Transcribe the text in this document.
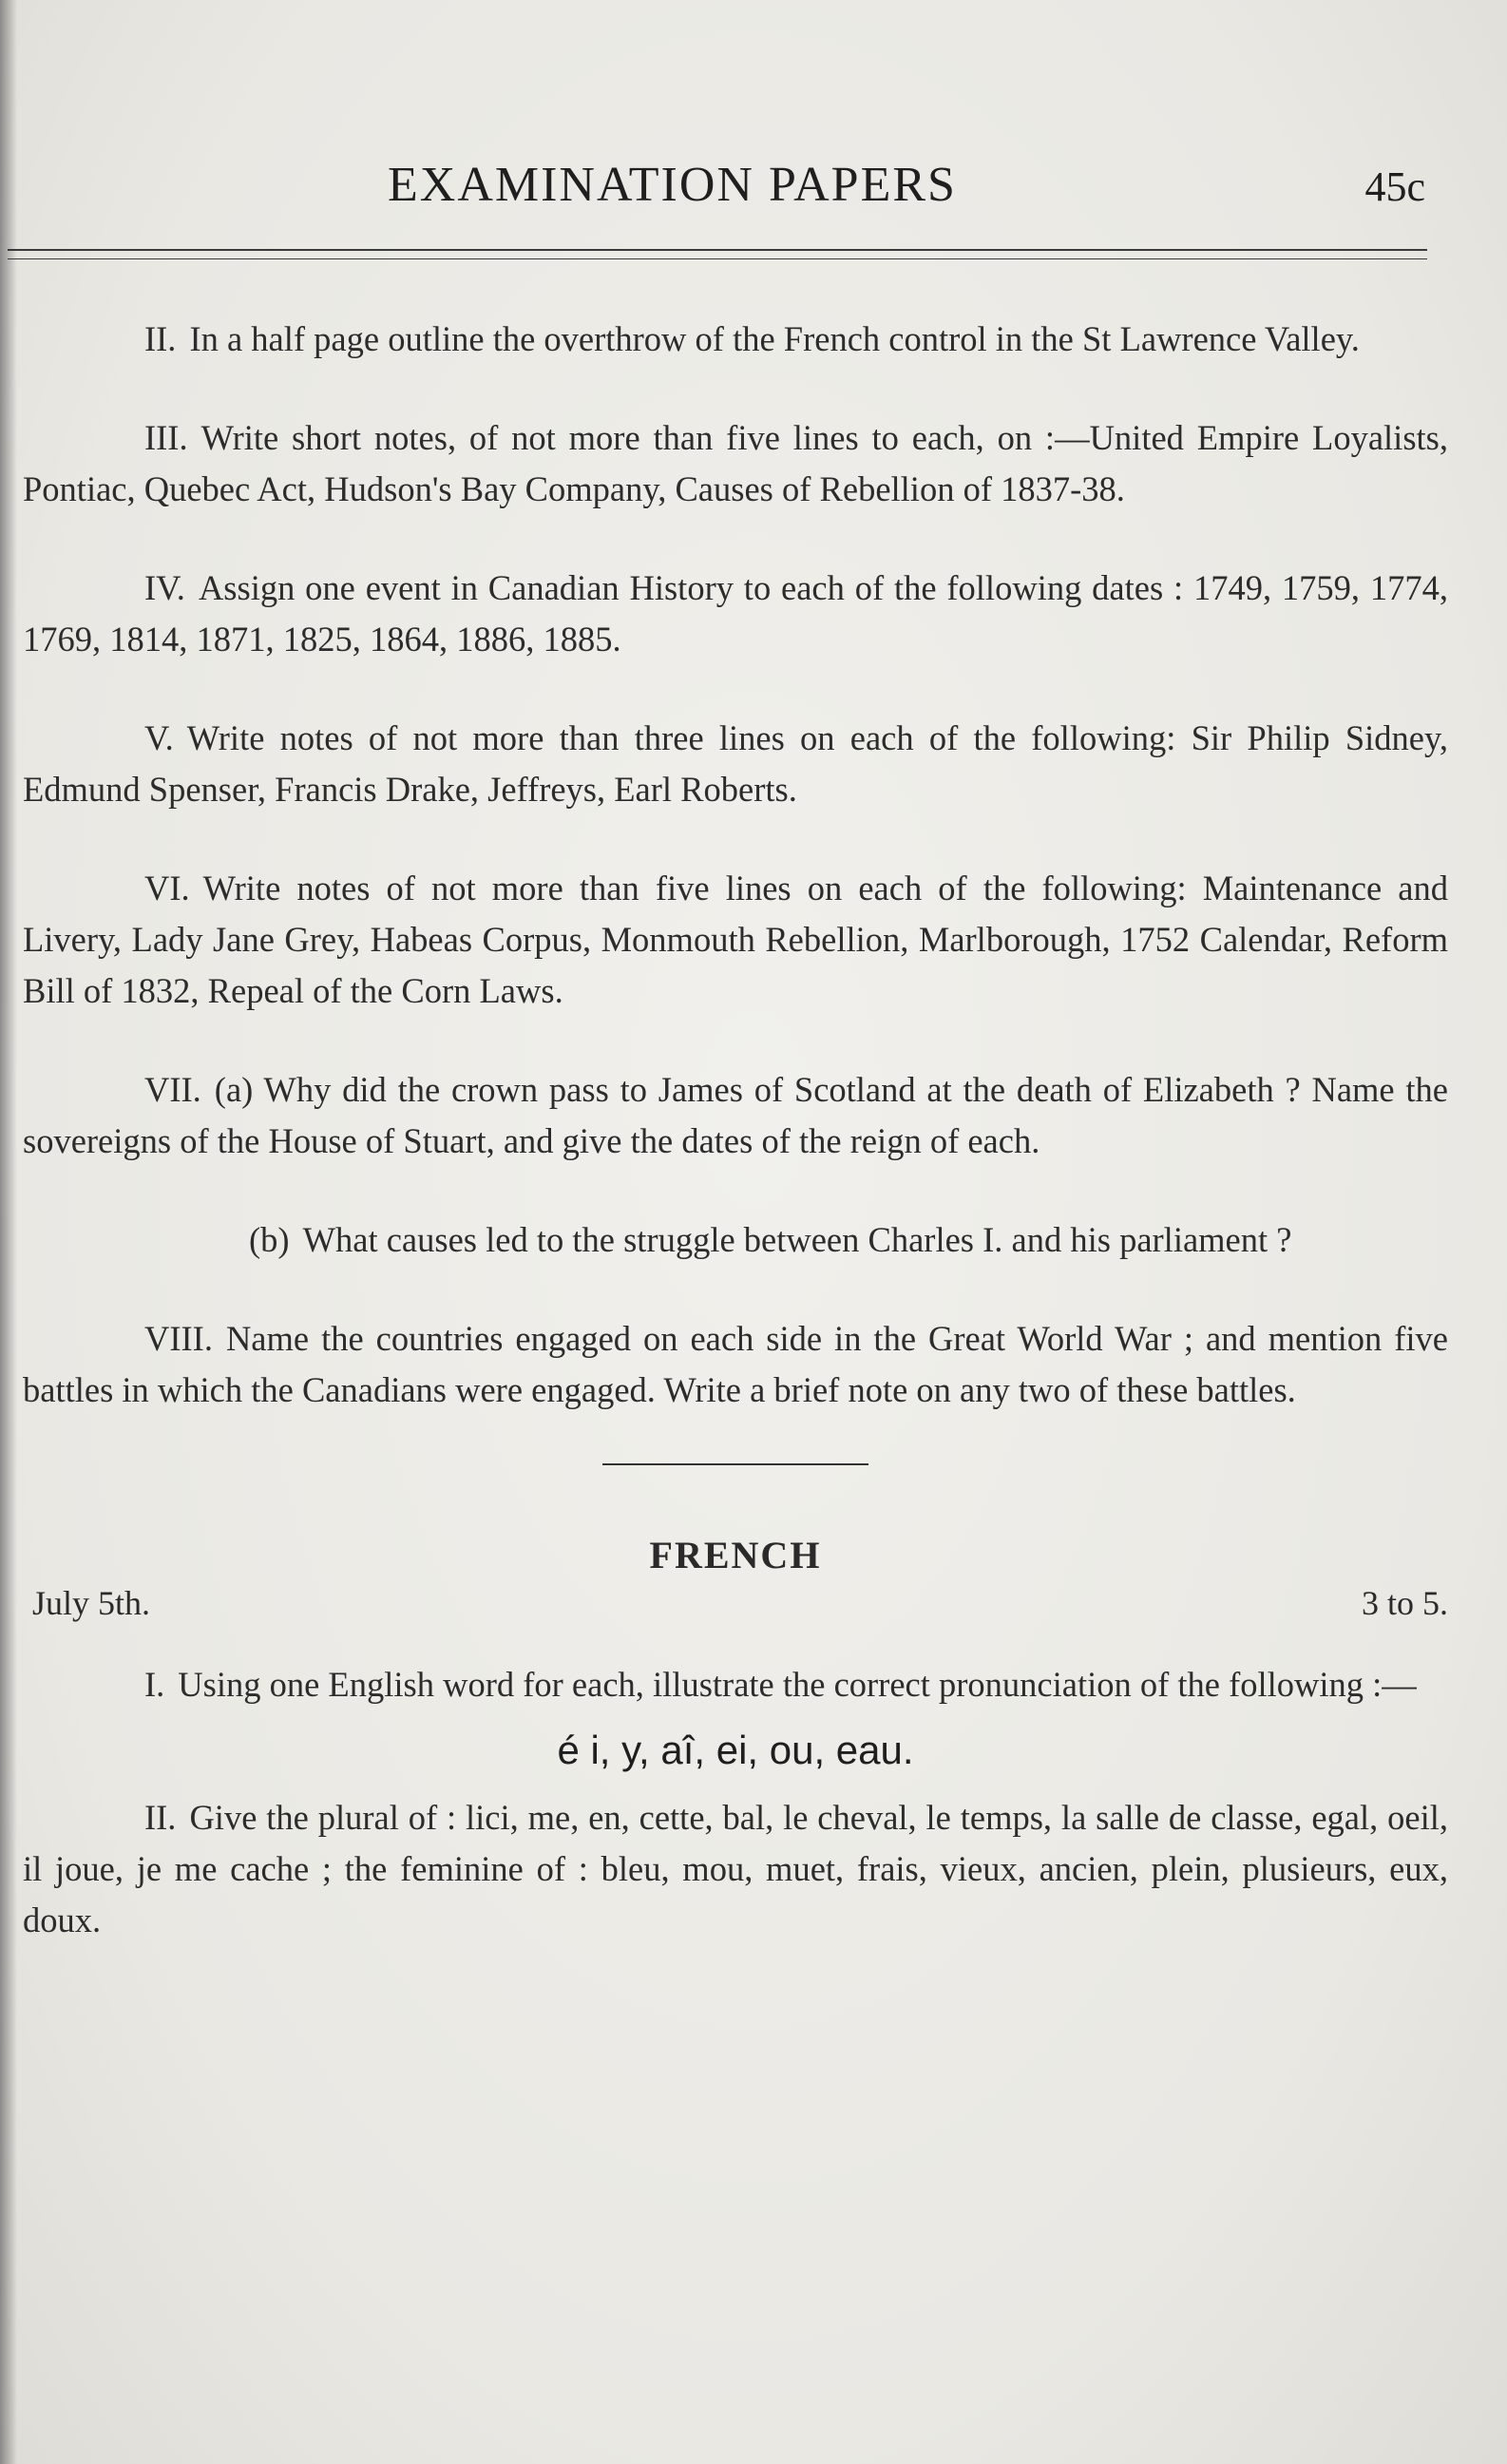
EXAMINATION PAPERS	45c

II. In a half page outline the overthrow of the French control in the St Lawrence Valley.

III. Write short notes, of not more than five lines to each, on :—United Empire Loyalists, Pontiac, Quebec Act, Hudson's Bay Company, Causes of Rebellion of 1837-38.

IV. Assign one event in Canadian History to each of the following dates : 1749, 1759, 1774, 1769, 1814, 1871, 1825, 1864, 1886, 1885.

V. Write notes of not more than three lines on each of the following: Sir Philip Sidney, Edmund Spenser, Francis Drake, Jeffreys, Earl Roberts.

VI. Write notes of not more than five lines on each of the following: Maintenance and Livery, Lady Jane Grey, Habeas Corpus, Monmouth Rebellion, Marlborough, 1752 Calendar, Reform Bill of 1832, Repeal of the Corn Laws.

VII. (a) Why did the crown pass to James of Scotland at the death of Elizabeth ? Name the sovereigns of the House of Stuart, and give the dates of the reign of each.

(b) What causes led to the struggle between Charles I. and his parliament ?

VIII. Name the countries engaged on each side in the Great World War ; and mention five battles in which the Canadians were engaged. Write a brief note on any two of these battles.

FRENCH
July 5th.	3 to 5.

I. Using one English word for each, illustrate the correct pronunciation of the following :—

é i, y, aî, ei, ou, eau.

II. Give the plural of : lici, me, en, cette, bal, le cheval, le temps, la salle de classe, egal, oeil, il joue, je me cache ; the feminine of : bleu, mou, muet, frais, vieux, ancien, plein, plusieurs, eux, doux.
